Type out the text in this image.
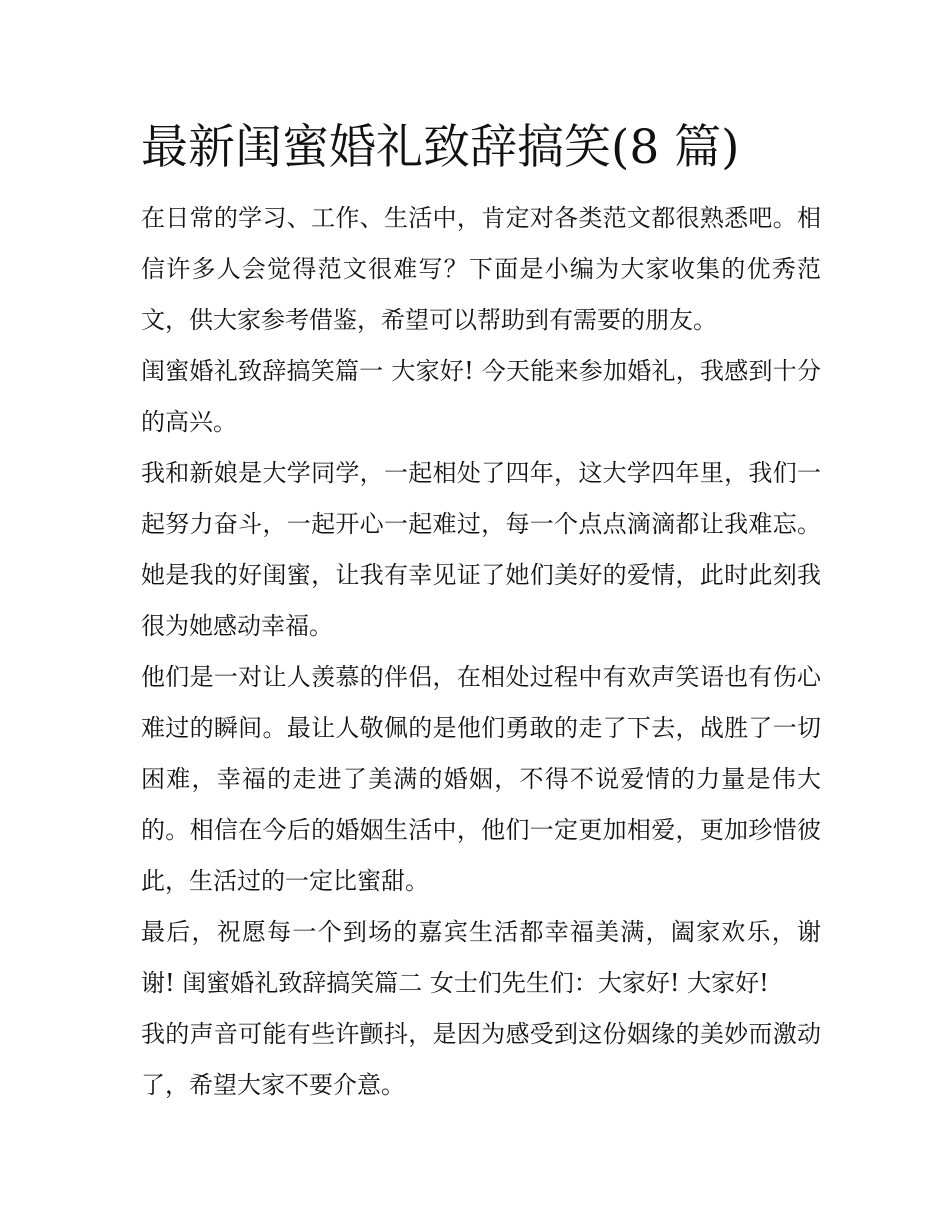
最新闺蜜婚礼致辞搞笑(8 篇)

在日常的学习、工作、生活中，肯定对各类范文都很熟悉吧。相信许多人会觉得范文很难写？下面是小编为大家收集的优秀范文，供大家参考借鉴，希望可以帮助到有需要的朋友。

闺蜜婚礼致辞搞笑篇一 大家好! 今天能来参加婚礼，我感到十分的高兴。

我和新娘是大学同学，一起相处了四年，这大学四年里，我们一起努力奋斗，一起开心一起难过，每一个点点滴滴都让我难忘。她是我的好闺蜜，让我有幸见证了她们美好的爱情，此时此刻我很为她感动幸福。

他们是一对让人羡慕的伴侣，在相处过程中有欢声笑语也有伤心难过的瞬间。最让人敬佩的是他们勇敢的走了下去，战胜了一切困难，幸福的走进了美满的婚姻，不得不说爱情的力量是伟大的。相信在今后的婚姻生活中，他们一定更加相爱，更加珍惜彼此，生活过的一定比蜜甜。

最后，祝愿每一个到场的嘉宾生活都幸福美满，阖家欢乐，谢谢! 闺蜜婚礼致辞搞笑篇二 女士们先生们：大家好! 大家好!

我的声音可能有些许颤抖，是因为感受到这份姻缘的美妙而激动了，希望大家不要介意。
